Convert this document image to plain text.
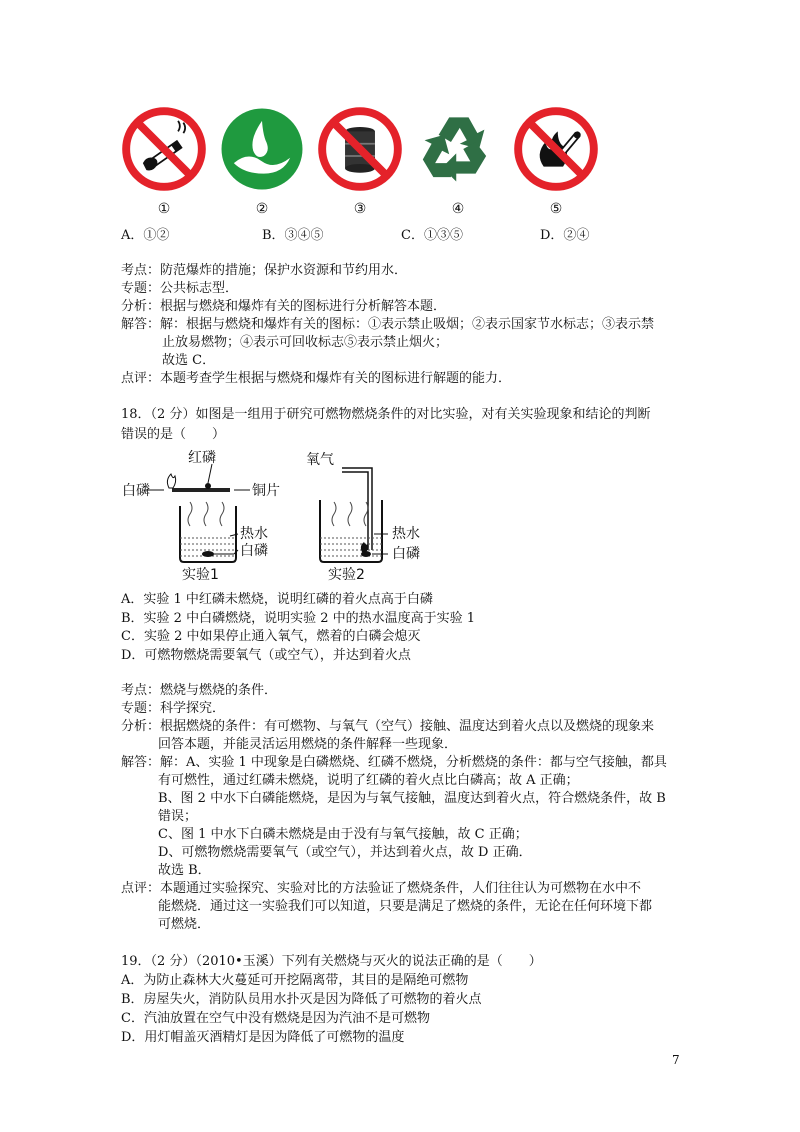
①	②	③	④	⑤
A．①②	B．③④⑤	C．①③⑤	D．②④
考点：防范爆炸的措施；保护水资源和节约用水．
专题：公共标志型．
分析：根据与燃烧和爆炸有关的图标进行分析解答本题．
解答：解：根据与燃烧和爆炸有关的图标：①表示禁止吸烟；②表示国家节水标志；③表示禁
止放易燃物；④表示可回收标志⑤表示禁止烟火；
故选 C．
点评：本题考查学生根据与燃烧和爆炸有关的图标进行解题的能力．
18．（2 分）如图是一组用于研究可燃物燃烧条件的对比实验，对有关实验现象和结论的判断
错误的是（　　）
红磷
白磷	铜片
热水
白磷
实验1
氧气
热水
白磷
实验2
A．实验 1 中红磷未燃烧，说明红磷的着火点高于白磷
B．实验 2 中白磷燃烧，说明实验 2 中的热水温度高于实验 1
C．实验 2 中如果停止通入氧气，燃着的白磷会熄灭
D．可燃物燃烧需要氧气（或空气），并达到着火点
考点：燃烧与燃烧的条件．
专题：科学探究．
分析：根据燃烧的条件：有可燃物、与氧气（空气）接触、温度达到着火点以及燃烧的现象来
回答本题，并能灵活运用燃烧的条件解释一些现象．
解答：解：A、实验 1 中现象是白磷燃烧、红磷不燃烧，分析燃烧的条件：都与空气接触，都具
有可燃性，通过红磷未燃烧，说明了红磷的着火点比白磷高；故 A 正确；
B、图 2 中水下白磷能燃烧，是因为与氧气接触，温度达到着火点，符合燃烧条件，故 B
错误；
C、图 1 中水下白磷未燃烧是由于没有与氧气接触，故 C 正确；
D、可燃物燃烧需要氧气（或空气），并达到着火点，故 D 正确．
故选 B．
点评：本题通过实验探究、实验对比的方法验证了燃烧条件，人们往往认为可燃物在水中不
能燃烧．通过这一实验我们可以知道，只要是满足了燃烧的条件，无论在任何环境下都
可燃烧．
19．（2 分）（2010•玉溪）下列有关燃烧与灭火的说法正确的是（　　）
A．为防止森林大火蔓延可开挖隔离带，其目的是隔绝可燃物
B．房屋失火，消防队员用水扑灭是因为降低了可燃物的着火点
C．汽油放置在空气中没有燃烧是因为汽油不是可燃物
D．用灯帽盖灭酒精灯是因为降低了可燃物的温度
7
